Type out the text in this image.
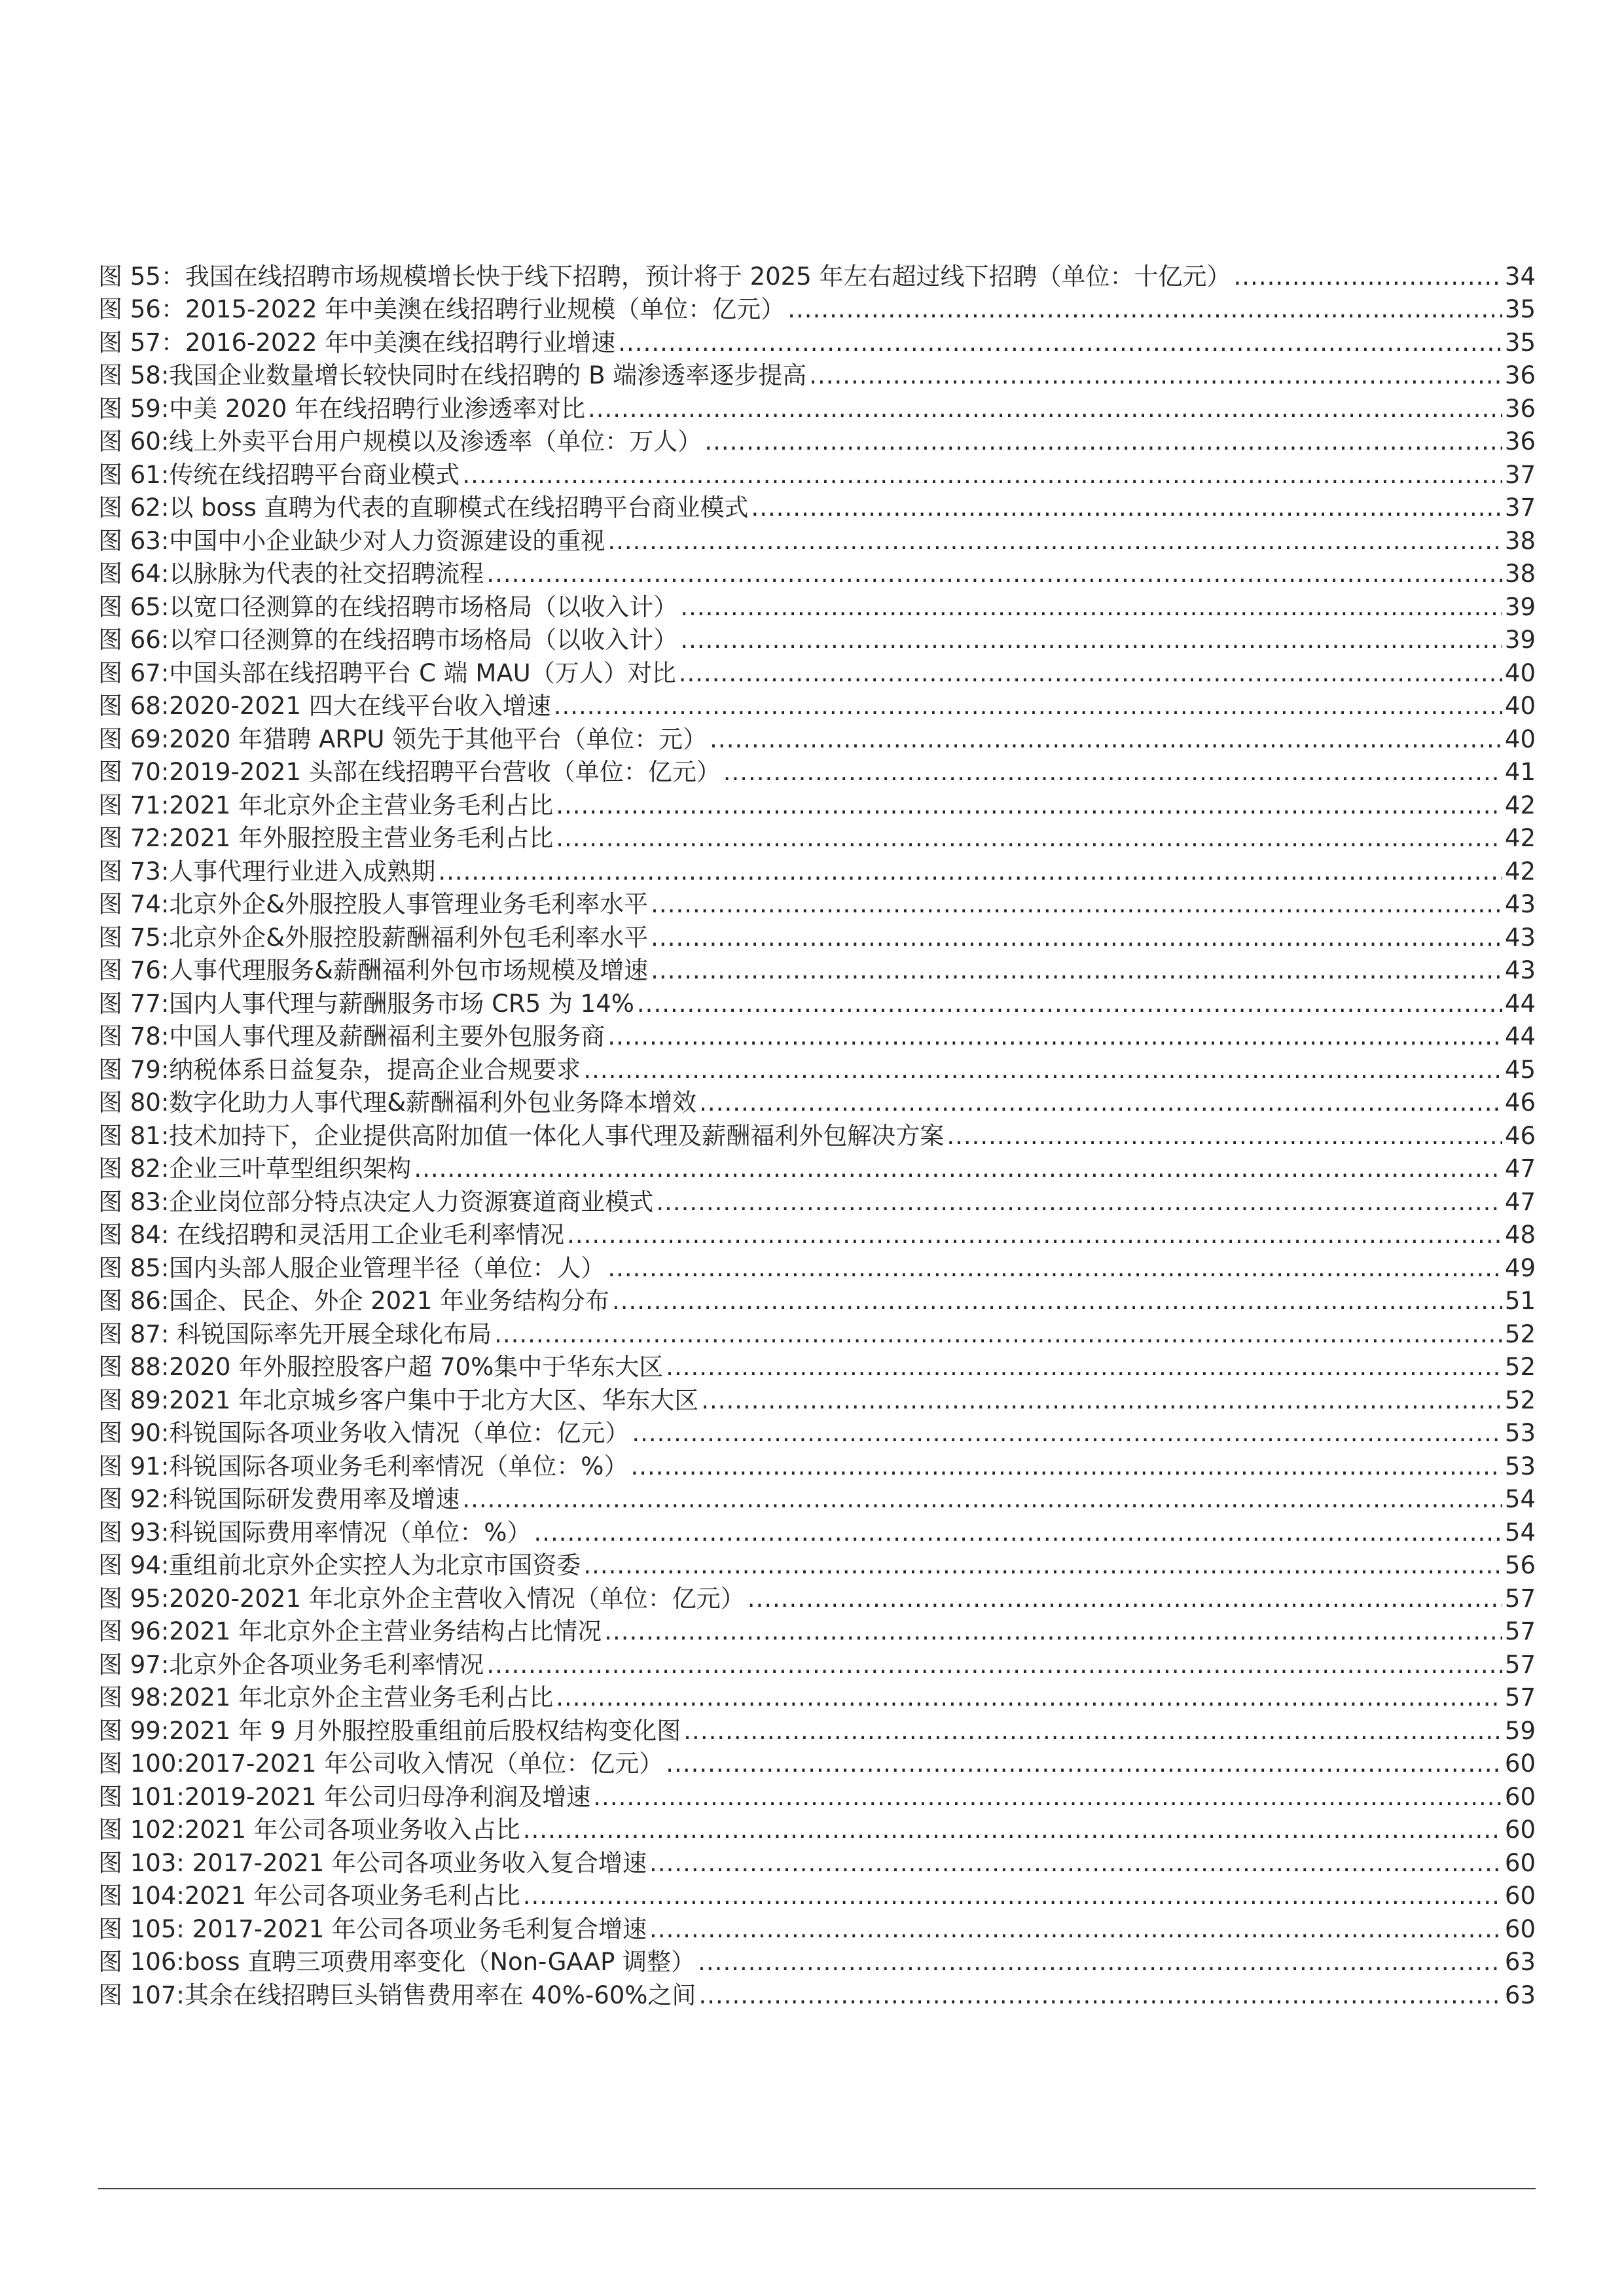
图 55：我国在线招聘市场规模增长快于线下招聘，预计将于 2025 年左右超过线下招聘（单位：十亿元） .....	34
图 56：2015-2022 年中美澳在线招聘行业规模（单位：亿元） .....	35
图 57：2016-2022 年中美澳在线招聘行业增速 .....	35
图 58:我国企业数量增长较快同时在线招聘的 B 端渗透率逐步提高 .....	36
图 59:中美 2020 年在线招聘行业渗透率对比 .....	36
图 60:线上外卖平台用户规模以及渗透率（单位：万人） .....	36
图 61:传统在线招聘平台商业模式 .....	37
图 62:以 boss 直聘为代表的直聊模式在线招聘平台商业模式 .....	37
图 63:中国中小企业缺少对人力资源建设的重视 .....	38
图 64:以脉脉为代表的社交招聘流程 .....	38
图 65:以宽口径测算的在线招聘市场格局（以收入计） .....	39
图 66:以窄口径测算的在线招聘市场格局（以收入计） .....	39
图 67:中国头部在线招聘平台 C 端 MAU（万人）对比 .....	40
图 68:2020-2021 四大在线平台收入增速 .....	40
图 69:2020 年猎聘 ARPU 领先于其他平台（单位：元） .....	40
图 70:2019-2021 头部在线招聘平台营收（单位：亿元） .....	41
图 71:2021 年北京外企主营业务毛利占比 .....	42
图 72:2021 年外服控股主营业务毛利占比 .....	42
图 73:人事代理行业进入成熟期 .....	42
图 74:北京外企&外服控股人事管理业务毛利率水平 .....	43
图 75:北京外企&外服控股薪酬福利外包毛利率水平 .....	43
图 76:人事代理服务&薪酬福利外包市场规模及增速 .....	43
图 77:国内人事代理与薪酬服务市场 CR5 为 14% .....	44
图 78:中国人事代理及薪酬福利主要外包服务商 .....	44
图 79:纳税体系日益复杂，提高企业合规要求 .....	45
图 80:数字化助力人事代理&薪酬福利外包业务降本增效 .....	46
图 81:技术加持下，企业提供高附加值一体化人事代理及薪酬福利外包解决方案 .....	46
图 82:企业三叶草型组织架构 .....	47
图 83:企业岗位部分特点决定人力资源赛道商业模式 .....	47
图 84: 在线招聘和灵活用工企业毛利率情况 .....	48
图 85:国内头部人服企业管理半径（单位：人） .....	49
图 86:国企、民企、外企 2021 年业务结构分布 .....	51
图 87: 科锐国际率先开展全球化布局 .....	52
图 88:2020 年外服控股客户超 70%集中于华东大区 .....	52
图 89:2021 年北京城乡客户集中于北方大区、华东大区 .....	52
图 90:科锐国际各项业务收入情况（单位：亿元） .....	53
图 91:科锐国际各项业务毛利率情况（单位：%） .....	53
图 92:科锐国际研发费用率及增速 .....	54
图 93:科锐国际费用率情况（单位：%） .....	54
图 94:重组前北京外企实控人为北京市国资委 .....	56
图 95:2020-2021 年北京外企主营收入情况（单位：亿元） .....	57
图 96:2021 年北京外企主营业务结构占比情况 .....	57
图 97:北京外企各项业务毛利率情况 .....	57
图 98:2021 年北京外企主营业务毛利占比 .....	57
图 99:2021 年 9 月外服控股重组前后股权结构变化图 .....	59
图 100:2017-2021 年公司收入情况（单位：亿元） .....	60
图 101:2019-2021 年公司归母净利润及增速 .....	60
图 102:2021 年公司各项业务收入占比 .....	60
图 103: 2017-2021 年公司各项业务收入复合增速 .....	60
图 104:2021 年公司各项业务毛利占比 .....	60
图 105: 2017-2021 年公司各项业务毛利复合增速 .....	60
图 106:boss 直聘三项费用率变化（Non-GAAP 调整） .....	63
图 107:其余在线招聘巨头销售费用率在 40%-60%之间 .....	63
